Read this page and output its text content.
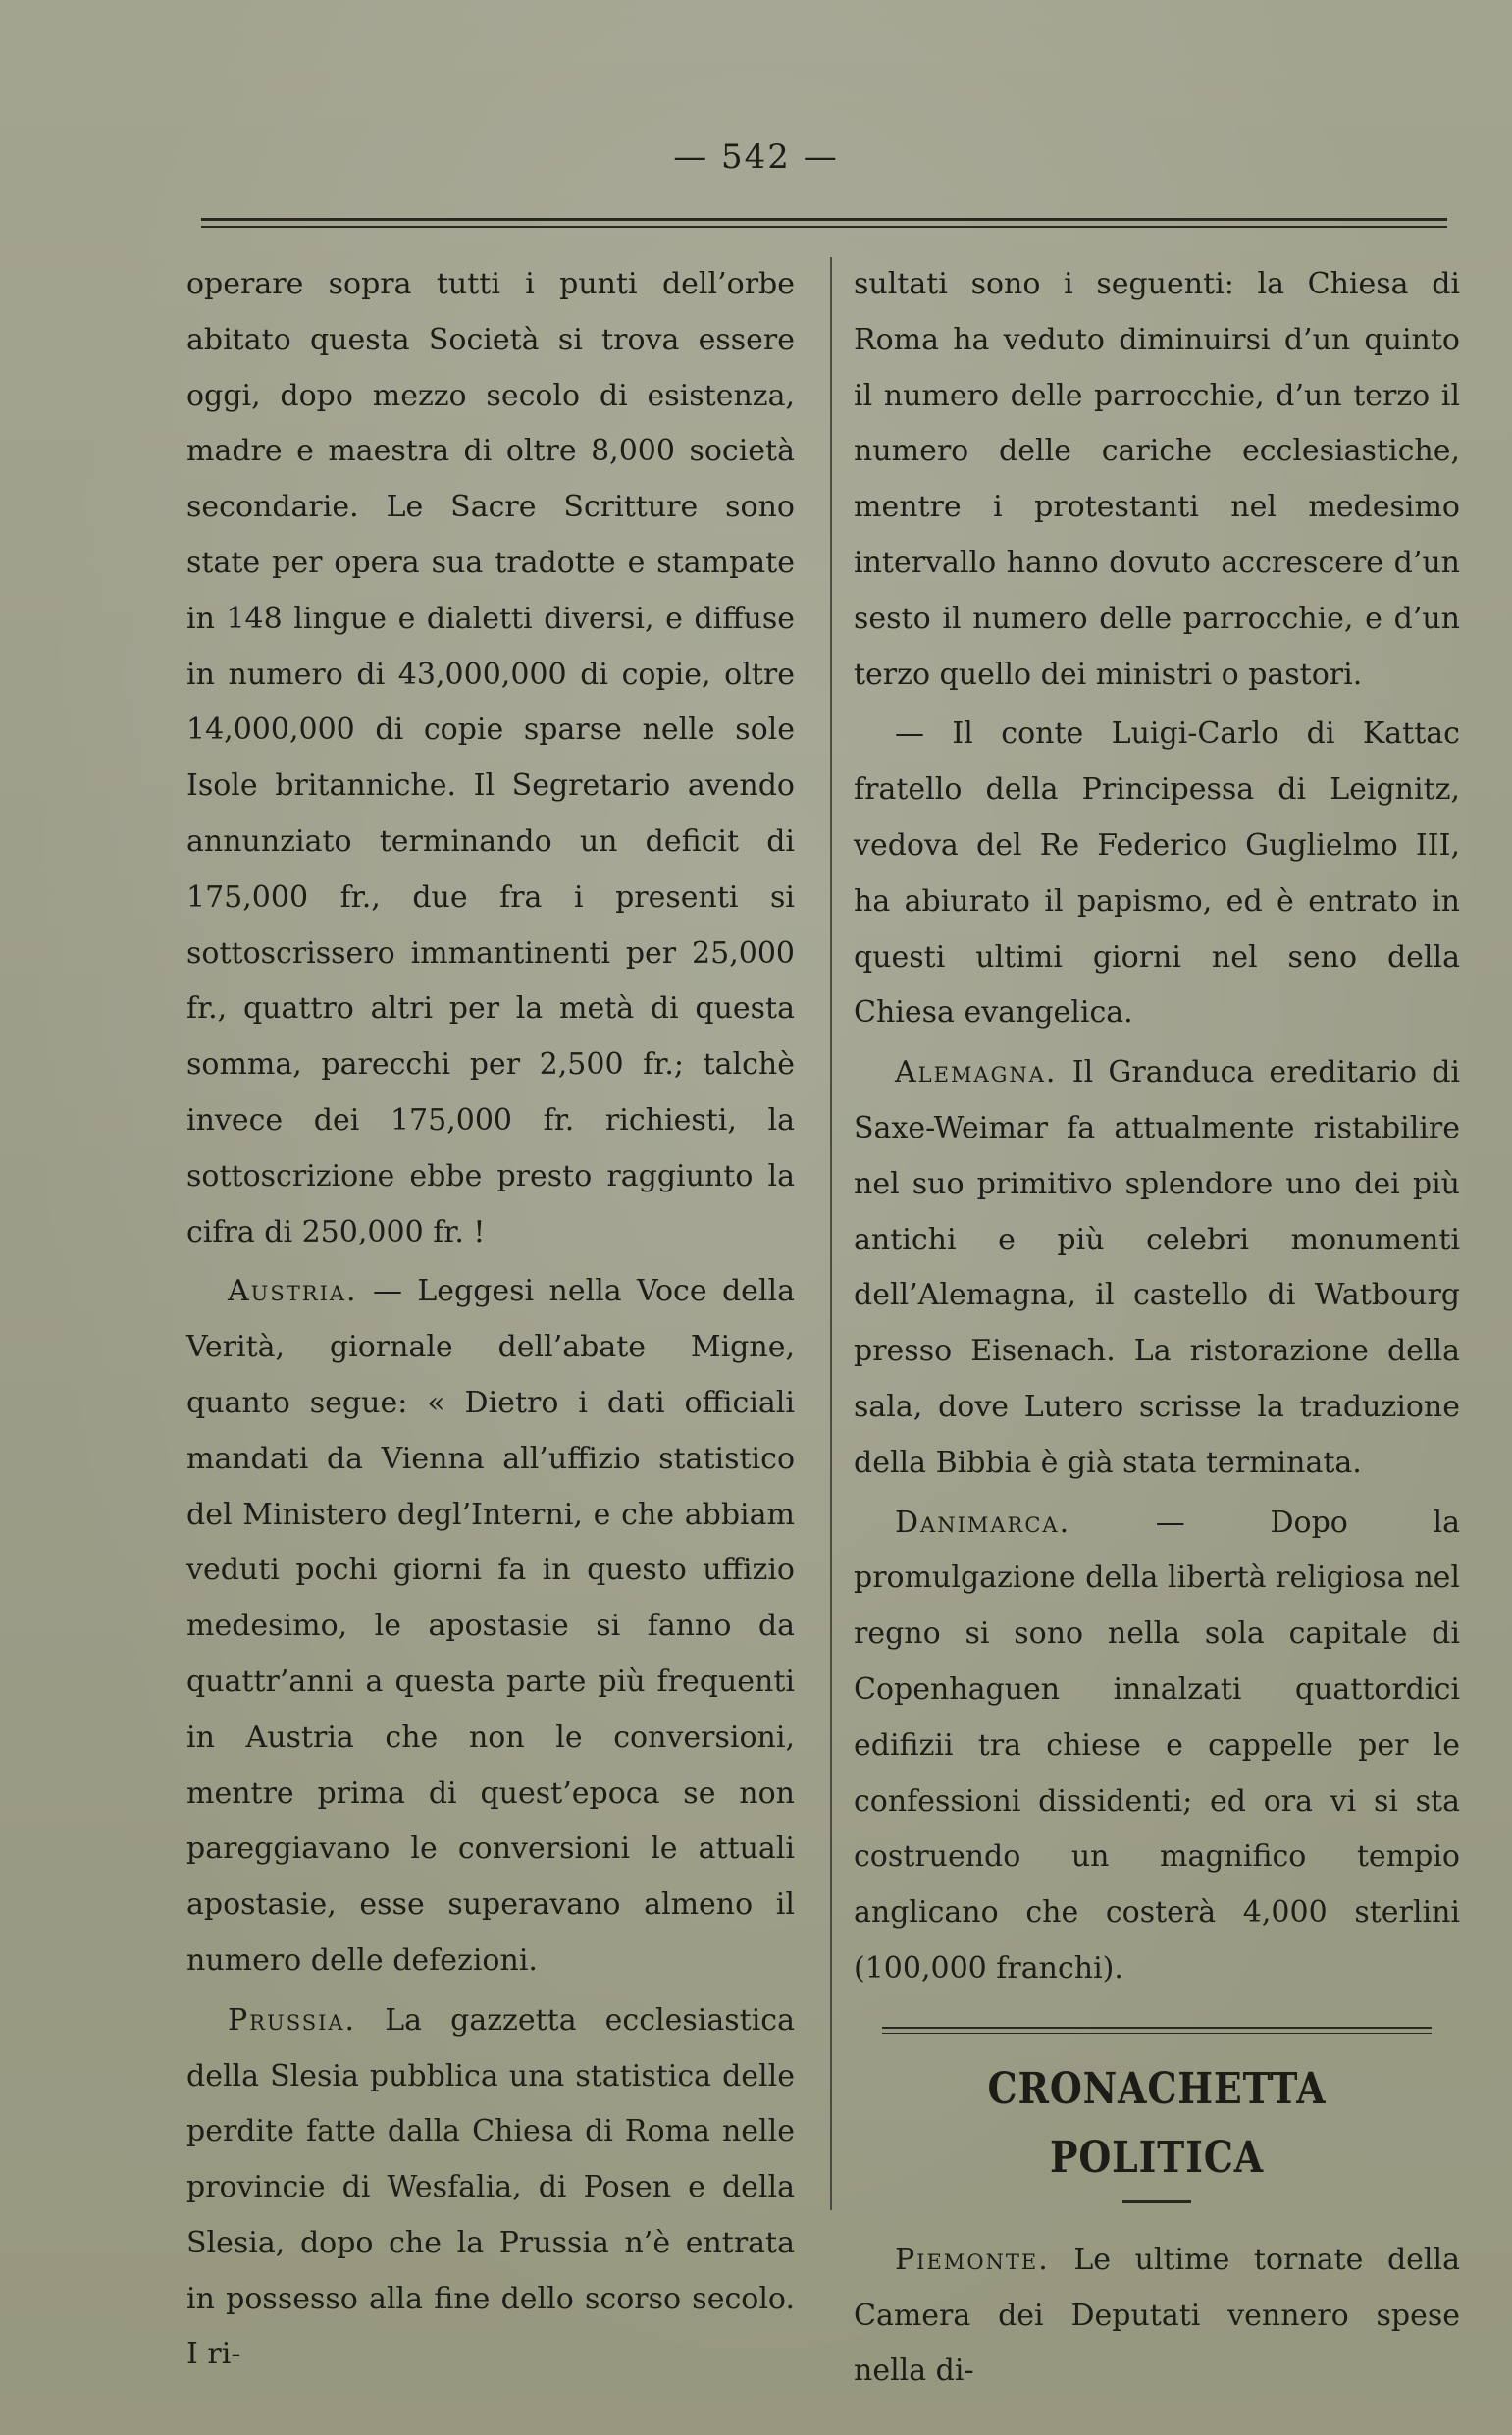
— 542 —

operare sopra tutti i punti dell’orbe abitato questa Società si trova essere oggi, dopo mezzo secolo di esistenza, madre e maestra di oltre 8,000 società secondarie. Le Sacre Scritture sono state per opera sua tradotte e stampate in 148 lingue e dialetti diversi, e diffuse in numero di 43,000,000 di copie, oltre 14,000,000 di copie sparse nelle sole Isole britanniche. Il Segretario avendo annunziato terminando un deficit di 175,000 fr., due fra i presenti si sottoscrissero immantinenti per 25,000 fr., quattro altri per la metà di questa somma, parecchi per 2,500 fr.; talchè invece dei 175,000 fr. richiesti, la sottoscrizione ebbe presto raggiunto la cifra di 250,000 fr. !

Austria. — Leggesi nella Voce della Verità, giornale dell’abate Migne, quanto segue: « Dietro i dati officiali mandati da Vienna all’uffizio statistico del Ministero degl’Interni, e che abbiam veduti pochi giorni fa in questo uffizio medesimo, le apostasie si fanno da quattr’anni a questa parte più frequenti in Austria che non le conversioni, mentre prima di quest’epoca se non pareggiavano le conversioni le attuali apostasie, esse superavano almeno il numero delle defezioni.

Prussia. La gazzetta ecclesiastica della Slesia pubblica una statistica delle perdite fatte dalla Chiesa di Roma nelle provincie di Wesfalia, di Posen e della Slesia, dopo che la Prussia n’è entrata in possesso alla fine dello scorso secolo. I ri-

sultati sono i seguenti: la Chiesa di Roma ha veduto diminuirsi d’un quinto il numero delle parrocchie, d’un terzo il numero delle cariche ecclesiastiche, mentre i protestanti nel medesimo intervallo hanno dovuto accrescere d’un sesto il numero delle parrocchie, e d’un terzo quello dei ministri o pastori.

— Il conte Luigi-Carlo di Kattac fratello della Principessa di Leignitz, vedova del Re Federico Guglielmo III, ha abiurato il papismo, ed è entrato in questi ultimi giorni nel seno della Chiesa evangelica.

Alemagna. Il Granduca ereditario di Saxe-Weimar fa attualmente ristabilire nel suo primitivo splendore uno dei più antichi e più celebri monumenti dell’Alemagna, il castello di Watbourg presso Eisenach. La ristorazione della sala, dove Lutero scrisse la traduzione della Bibbia è già stata terminata.

Danimarca. — Dopo la promulgazione della libertà religiosa nel regno si sono nella sola capitale di Copenhaguen innalzati quattordici edifizii tra chiese e cappelle per le confessioni dissidenti; ed ora vi si sta costruendo un magnifico tempio anglicano che costerà 4,000 sterlini (100,000 franchi).

CRONACHETTA POLITICA

Piemonte. Le ultime tornate della Camera dei Deputati vennero spese nella di-
